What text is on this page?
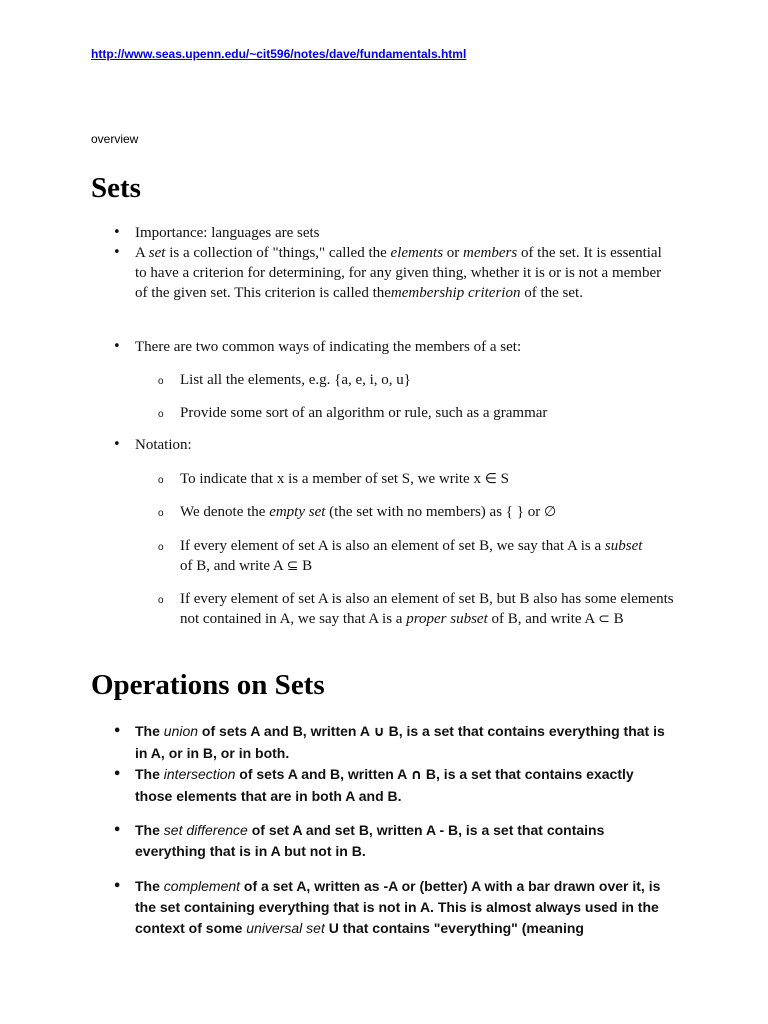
http://www.seas.upenn.edu/~cit596/notes/dave/fundamentals.html
overview
Sets
• Importance: languages are sets
• A set is a collection of "things," called the elements or members of the set. It is essential to have a criterion for determining, for any given thing, whether it is or is not a member of the given set. This criterion is called themembership criterion of the set.
• There are two common ways of indicating the members of a set:
o List all the elements, e.g. {a, e, i, o, u}
o Provide some sort of an algorithm or rule, such as a grammar
• Notation:
o To indicate that x is a member of set S, we write x ∈ S
o We denote the empty set (the set with no members) as { } or ∅
o If every element of set A is also an element of set B, we say that A is a subset of B, and write A ⊆ B
o If every element of set A is also an element of set B, but B also has some elements not contained in A, we say that A is a proper subset of B, and write A ⊂ B
Operations on Sets
• The union of sets A and B, written A ∪ B, is a set that contains everything that is in A, or in B, or in both.
• The intersection of sets A and B, written A ∩ B, is a set that contains exactly those elements that are in both A and B.
• The set difference of set A and set B, written A - B, is a set that contains everything that is in A but not in B.
• The complement of a set A, written as -A or (better) A with a bar drawn over it, is the set containing everything that is not in A. This is almost always used in the context of some universal set U that contains "everything" (meaning
